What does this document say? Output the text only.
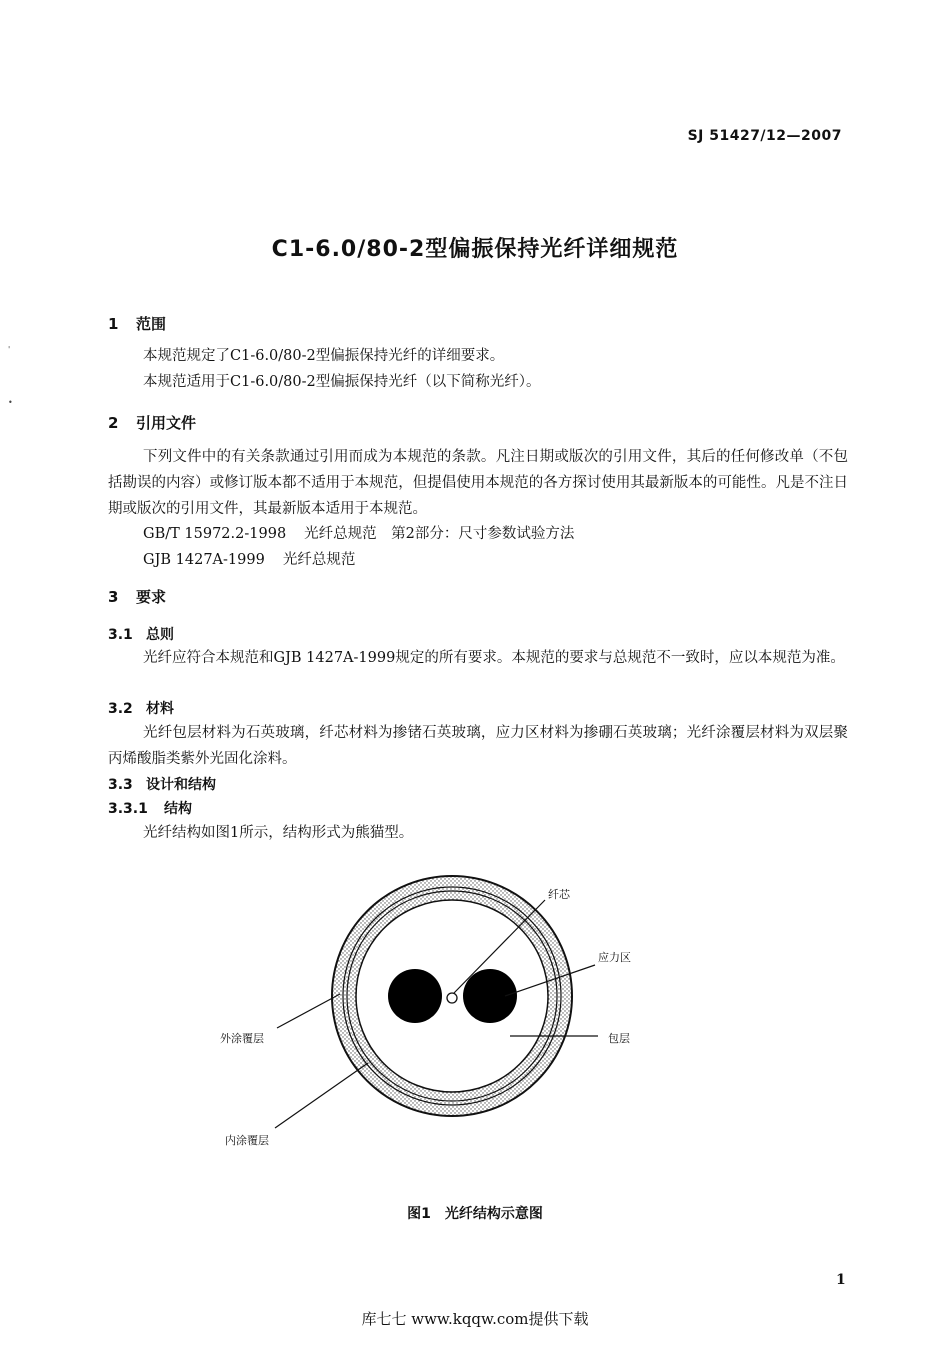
SJ 51427/12—2007
C1-6.0/80-2型偏振保持光纤详细规范
'
•
1 范围
本规范规定了C1-6.0/80-2型偏振保持光纤的详细要求。
本规范适用于C1-6.0/80-2型偏振保持光纤（以下简称光纤）。
2 引用文件
下列文件中的有关条款通过引用而成为本规范的条款。凡注日期或版次的引用文件，其后的任何修改单（不包括勘误的内容）或修订版本都不适用于本规范，但提倡使用本规范的各方探讨使用其最新版本的可能性。凡是不注日期或版次的引用文件，其最新版本适用于本规范。
GB/T 15972.2-1998 光纤总规范　第2部分：尺寸参数试验方法
GJB 1427A-1999 光纤总规范
3 要求
3.1 总则
光纤应符合本规范和GJB 1427A-1999规定的所有要求。本规范的要求与总规范不一致时，应以本规范为准。
3.2 材料
光纤包层材料为石英玻璃，纤芯材料为掺锗石英玻璃，应力区材料为掺硼石英玻璃；光纤涂覆层材料为双层聚丙烯酸脂类紫外光固化涂料。
3.3 设计和结构
3.3.1 结构
光纤结构如图1所示，结构形式为熊猫型。
纤芯
应力区
包层
外涂覆层
内涂覆层
图1　光纤结构示意图
1
库七七 www.kqqw.com提供下载
